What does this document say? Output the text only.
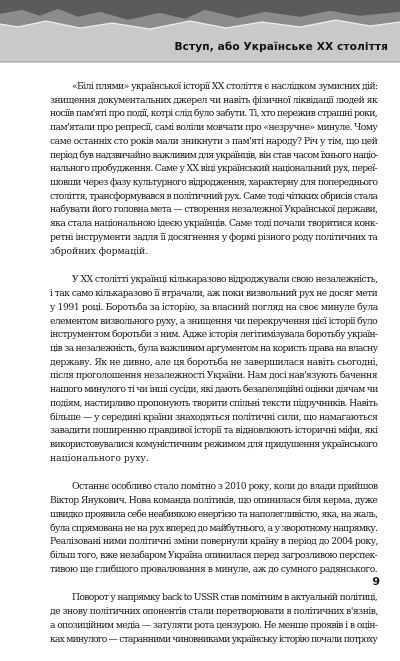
Вступ, або Українське ХХ століття

«Білі плями» української історії ХХ століття є наслідком зумисних дій:
знищення документальних джерел чи навіть фізичної ліквідації людей як
носіїв пам'яті про події, котрі слід було забути. Ті, хто пережив страшні роки,
пам'ятали про репресії, самі воліли мовчати про «незручне» минуле. Чому
саме останніх сто років мали зникнути з пам'яті народу? Річ у тім, що цей
період був надзвичайно важливим для українців, він став часом їхнього націо-
нального пробудження. Саме у ХХ віці український національний рух, переї-
шовши через фазу культурного відродження, характерну для попереднього
століття, трансформувався в політичний рух. Саме тоді чіткких обрисів стала
набувати його головна мета — створення незалежної Української держави,
яка стала національною ідеєю українців. Саме тоді почали творитися конк-
ретні інструменти задля її досягнення у формі різного роду політичних та
збройних формацій.

У ХХ столітті українці кількаразово відроджували свою незалежність,
і так само кількаразово її втрачали, аж поки визвольний рух не досяг мети
у 1991 році. Боротьба за історію, за власний погляд на своє минуле була
елементом визвольного руху, а знищення чи перекручення цієї історії було
інструментом боротьби з ним. Адже історія легітимізувала боротьбу україн-
ців за незалежність, була важливим аргументом на користь права на власну
державу. Як не дивно, але ця боротьба не завершилася навіть сьогодні,
після проголошення незалежності України. Нам досі нав'язують бачення
нашого минулого ті чи інші сусіди, які дають безапеляційні оцінки діячам чи
подіям, настирливо пропонують творити спільні тексти підручників. Навіть
більше — у середині країни знаходяться політичні сили, що намагаються
завадити поширенню правдивої історії та відновлюють історичні міфи, які
використовувалися комуністичним режимом для придушення українського
національного руху.

Останнє особливо стало помітно з 2010 року, коли до влади прийшов
Віктор Янукович. Нова команда політиків, що опинилася біля керма, дуже
швидко проявила себе неабиякою енергією та наполегливістю, яка, на жаль,
була спрямована не на рух вперед до майбутнього, а у зворотному напрямку.
Реалізовані ними політичні зміни повернули країну в період до 2004 року,
більш того, вже незабаром Україна опинилася перед загрозливою перспек-
тивою ще глибшого провалювання в минуле, аж до сумного радянського.

Поворот у напрямку back to USSR став помітним в актуальній політиці,
де знову політичних опонентів стали перетворювати в політичних в'язнів,
а опозиційним медіа — затуляти рота цензурою. Не менше проявів і в оцін-
ках минулого — старанними чиновниками українську історію почали потроху

9
